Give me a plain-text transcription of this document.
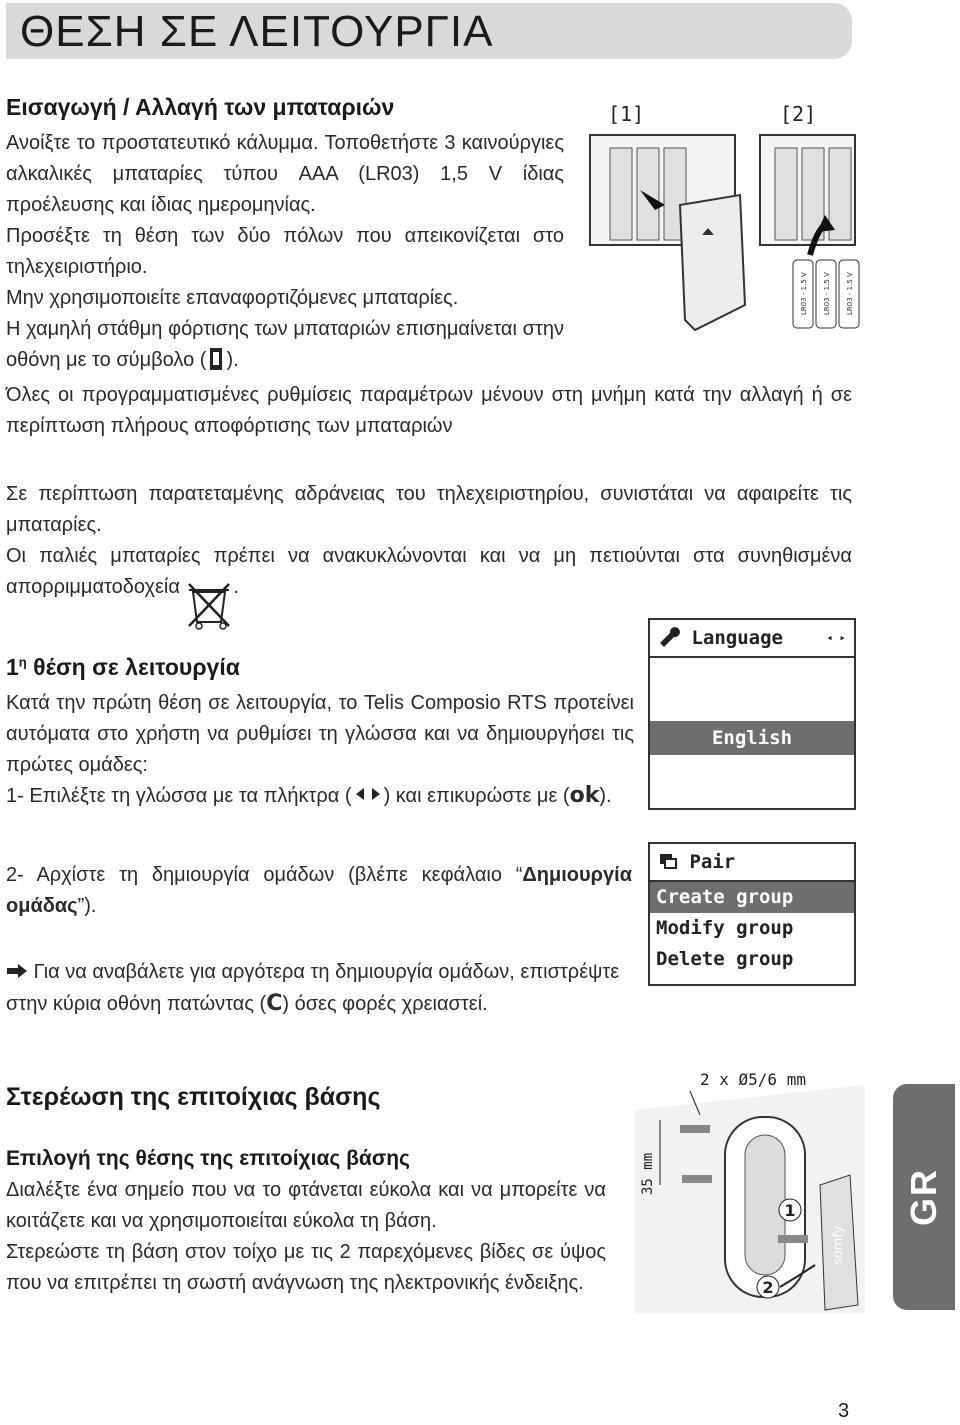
ΘΕΣΗ ΣΕ ΛΕΙΤΟΥΡΓΙΑ
Εισαγωγή / Αλλαγή των μπαταριών
Ανοίξτε το προστατευτικό κάλυμμα. Τοποθετήστε 3 καινούργιες αλκαλικές μπαταρίες τύπου AAA (LR03) 1,5 V ίδιας προέλευσης και ίδιας ημερομηνίας.
Προσέξτε τη θέση των δύο πόλων που απεικονίζεται στο τηλεχειριστήριο.
Μην χρησιμοποιείτε επαναφορτιζόμενες μπαταρίες.
Η χαμηλή στάθμη φόρτισης των μπαταριών επισημαίνεται στην οθόνη με το σύμβολο ( ).
[1]	[2]
LR03 - 1.5 V LR03 - 1.5 V LR03 - 1.5 V
Όλες οι προγραμματισμένες ρυθμίσεις παραμέτρων μένουν στη μνήμη κατά την αλλαγή ή σε περίπτωση πλήρους αποφόρτισης των μπαταριών
Σε περίπτωση παρατεταμένης αδράνειας του τηλεχειριστηρίου, συνιστάται να αφαιρείτε τις μπαταρίες.
Οι παλιές μπαταρίες πρέπει να ανακυκλώνονται και να μη πετιούνται στα συνηθισμένα απορριμματοδοχεία	.
$1^\eta$ θέση σε λειτουργία
Κατά την πρώτη θέση σε λειτουργία, το Telis Composio RTS προτείνει αυτόματα στο χρήστη να ρυθμίσει τη γλώσσα και να δημιουργήσει τις πρώτες ομάδες:
1- Επιλέξτε τη γλώσσα με τα πλήκτρα ( ) και επικυρώστε με (ok).
Language	◂ ▸
English
2- Αρχίστε τη δημιουργία ομάδων (βλέπε κεφάλαιο “Δημιουργία ομάδας”).
Pair
Create group
Modify group
Delete group
Για να αναβάλετε για αργότερα τη δημιουργία ομάδων, επιστρέψτε στην κύρια οθόνη πατώντας (C) όσες φορές χρειαστεί.
Στερέωση της επιτοίχιας βάσης
Επιλογή της θέσης της επιτοίχιας βάσης
Διαλέξτε ένα σημείο που να το φτάνεται εύκολα και να μπορείτε να κοιτάζετε και να χρησιμοποιείται εύκολα τη βάση.
Στερεώστε τη βάση στον τοίχο με τις 2 παρεχόμενες βίδες σε ύψος που να επιτρέπει τη σωστή ανάγνωση της ηλεκτρονικής ένδειξης.
2 x Ø5/6 mm
35 mm
somfy
1
2
GR
3
